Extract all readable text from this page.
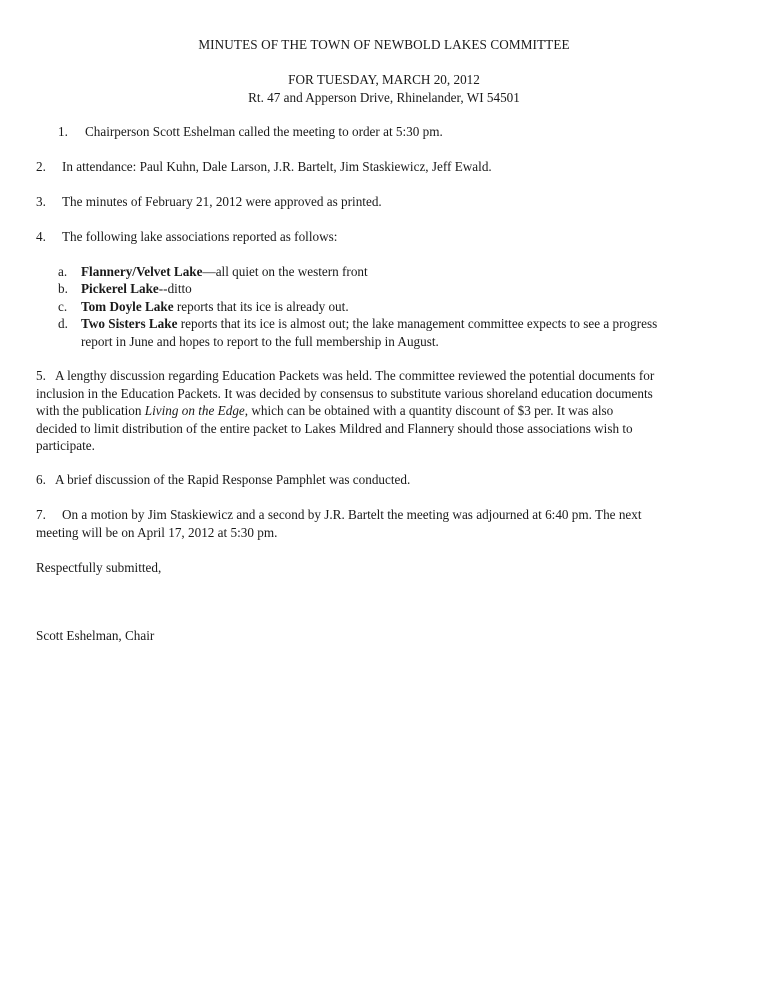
MINUTES OF THE TOWN OF NEWBOLD LAKES COMMITTEE
FOR TUESDAY, MARCH 20, 2012
Rt. 47 and Apperson Drive, Rhinelander, WI 54501
1. Chairperson Scott Eshelman called the meeting to order at 5:30 pm.
2. In attendance: Paul Kuhn, Dale Larson, J.R. Bartelt, Jim Staskiewicz, Jeff Ewald.
3. The minutes of February 21, 2012 were approved as printed.
4. The following lake associations reported as follows:
a. Flannery/Velvet Lake—all quiet on the western front
b. Pickerel Lake--ditto
c. Tom Doyle Lake reports that its ice is already out.
d. Two Sisters Lake reports that its ice is almost out; the lake management committee expects to see a progress
report in June and hopes to report to the full membership in August.
5. A lengthy discussion regarding Education Packets was held. The committee reviewed the potential documents for
inclusion in the Education Packets. It was decided by consensus to substitute various shoreland education documents
with the publication Living on the Edge, which can be obtained with a quantity discount of $3 per. It was also
decided to limit distribution of the entire packet to Lakes Mildred and Flannery should those associations wish to
participate.
6. A brief discussion of the Rapid Response Pamphlet was conducted.
7. On a motion by Jim Staskiewicz and a second by J.R. Bartelt the meeting was adjourned at 6:40 pm. The next
meeting will be on April 17, 2012 at 5:30 pm.
Respectfully submitted,
Scott Eshelman, Chair
